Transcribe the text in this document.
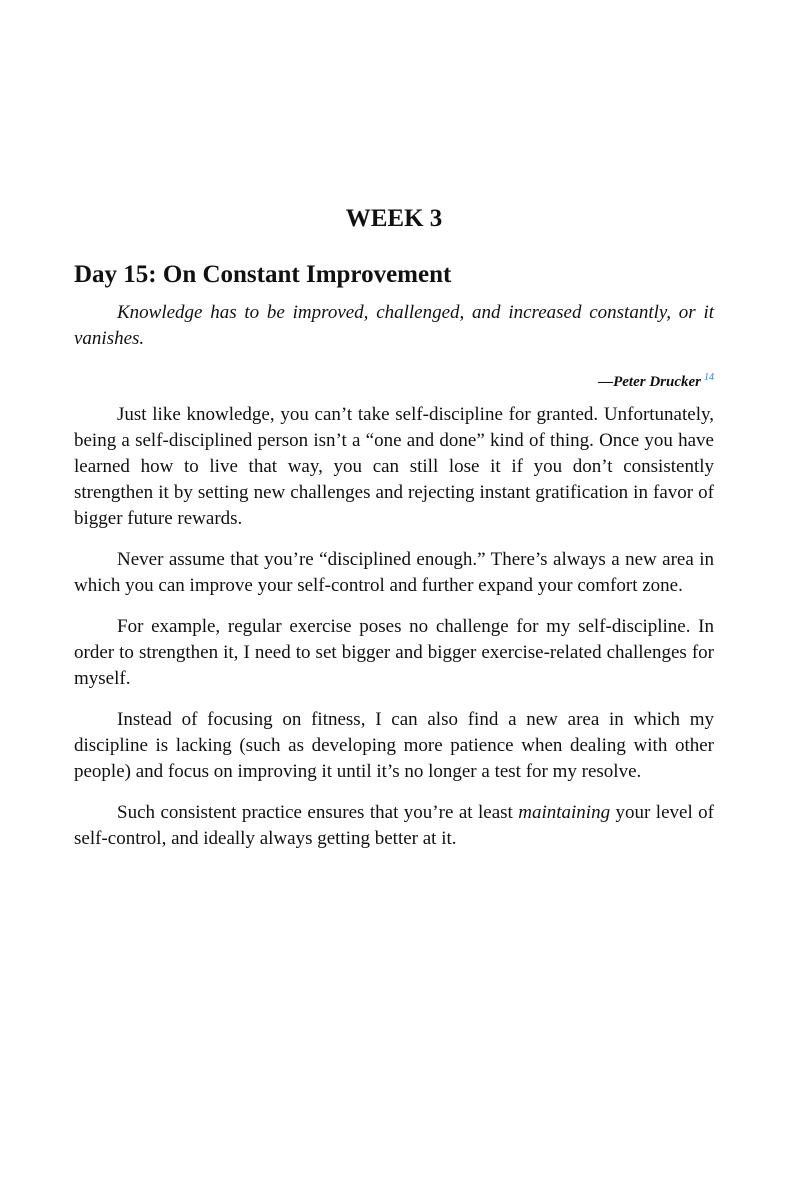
WEEK 3
Day 15: On Constant Improvement
Knowledge has to be improved, challenged, and increased constantly, or it vanishes.
—Peter Drucker $^{14}$

Just like knowledge, you can’t take self-discipline for granted. Unfortunately, being a self-disciplined person isn’t a “one and done” kind of thing. Once you have learned how to live that way, you can still lose it if you don’t consistently strengthen it by setting new challenges and rejecting instant gratification in favor of bigger future rewards.

Never assume that you’re “disciplined enough.” There’s always a new area in which you can improve your self-control and further expand your comfort zone.

For example, regular exercise poses no challenge for my self-discipline. In order to strengthen it, I need to set bigger and bigger exercise-related challenges for myself.

Instead of focusing on fitness, I can also find a new area in which my discipline is lacking (such as developing more patience when dealing with other people) and focus on improving it until it’s no longer a test for my resolve.

Such consistent practice ensures that you’re at least maintaining your level of self-control, and ideally always getting better at it.
